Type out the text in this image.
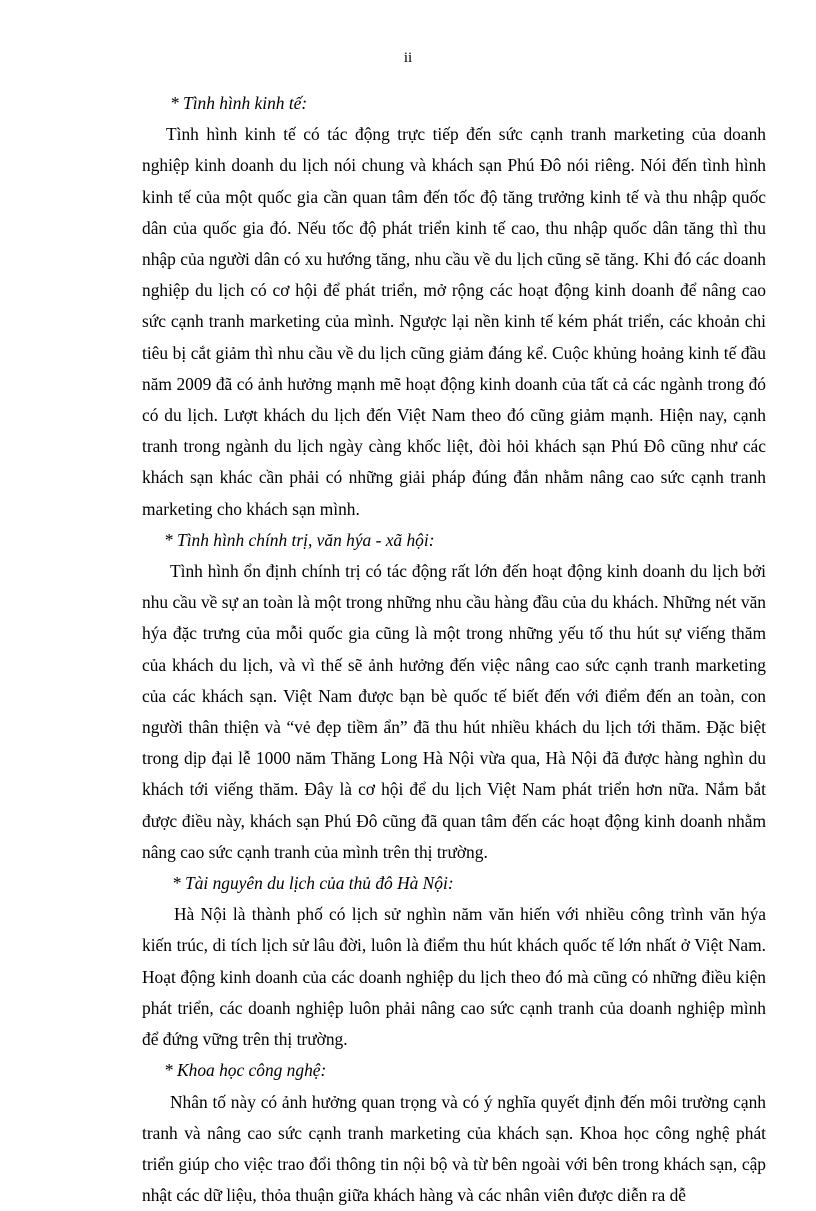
ii

* Tình hình kinh tế:

Tình hình kinh tế có tác động trực tiếp đến sức cạnh tranh marketing của doanh nghiệp kinh doanh du lịch nói chung và khách sạn Phú Đô nói riêng. Nói đến tình hình kinh tế của một quốc gia cần quan tâm đến tốc độ tăng trưởng kinh tế và thu nhập quốc dân của quốc gia đó. Nếu tốc độ phát triển kinh tế cao, thu nhập quốc dân tăng thì thu nhập của người dân có xu hướng tăng, nhu cầu về du lịch cũng sẽ tăng. Khi đó các doanh nghiệp du lịch có cơ hội để phát triển, mở rộng các hoạt động kinh doanh để nâng cao sức cạnh tranh marketing của mình. Ngược lại nền kinh tế kém phát triển, các khoản chi tiêu bị cắt giảm thì nhu cầu về du lịch cũng giảm đáng kể. Cuộc khủng hoảng kinh tế đầu năm 2009 đã có ảnh hưởng mạnh mẽ hoạt động kinh doanh của tất cả các ngành trong đó có du lịch. Lượt khách du lịch đến Việt Nam theo đó cũng giảm mạnh. Hiện nay, cạnh tranh trong ngành du lịch ngày càng khốc liệt, đòi hỏi khách sạn Phú Đô cũng như các khách sạn khác cần phải có những giải pháp đúng đắn nhằm nâng cao sức cạnh tranh marketing cho khách sạn mình.

* Tình hình chính trị, văn hýa - xã hội:

Tình hình ổn định chính trị có tác động rất lớn đến hoạt động kinh doanh du lịch bởi nhu cầu về sự an toàn là một trong những nhu cầu hàng đầu của du khách. Những nét văn hýa đặc trưng của mỗi quốc gia cũng là một trong những yếu tố thu hút sự viếng thăm của khách du lịch, và vì thế sẽ ảnh hưởng đến việc nâng cao sức cạnh tranh marketing của các khách sạn. Việt Nam được bạn bè quốc tế biết đến với điểm đến an toàn, con người thân thiện và “vẻ đẹp tiềm ẩn” đã thu hút nhiều khách du lịch tới thăm. Đặc biệt trong dịp đại lễ 1000 năm Thăng Long Hà Nội vừa qua, Hà Nội đã được hàng nghìn du khách tới viếng thăm. Đây là cơ hội để du lịch Việt Nam phát triển hơn nữa. Nắm bắt được điều này, khách sạn Phú Đô cũng đã quan tâm đến các hoạt động kinh doanh nhằm nâng cao sức cạnh tranh của mình trên thị trường.

* Tài nguyên du lịch của thủ đô Hà Nội:

Hà Nội là thành phố có lịch sử nghìn năm văn hiến với nhiều công trình văn hýa kiến trúc, di tích lịch sử lâu đời, luôn là điểm thu hút khách quốc tế lớn nhất ở Việt Nam. Hoạt động kinh doanh của các doanh nghiệp du lịch theo đó mà cũng có những điều kiện phát triển, các doanh nghiệp luôn phải nâng cao sức cạnh tranh của doanh nghiệp mình để đứng vững trên thị trường.

* Khoa học công nghệ:

Nhân tố này có ảnh hưởng quan trọng và có ý nghĩa quyết định đến môi trường cạnh tranh và nâng cao sức cạnh tranh marketing của khách sạn. Khoa học công nghệ phát triển giúp cho việc trao đổi thông tin nội bộ và từ bên ngoài với bên trong khách sạn, cập nhật các dữ liệu, thỏa thuận giữa khách hàng và các nhân viên được diễn ra dễ
